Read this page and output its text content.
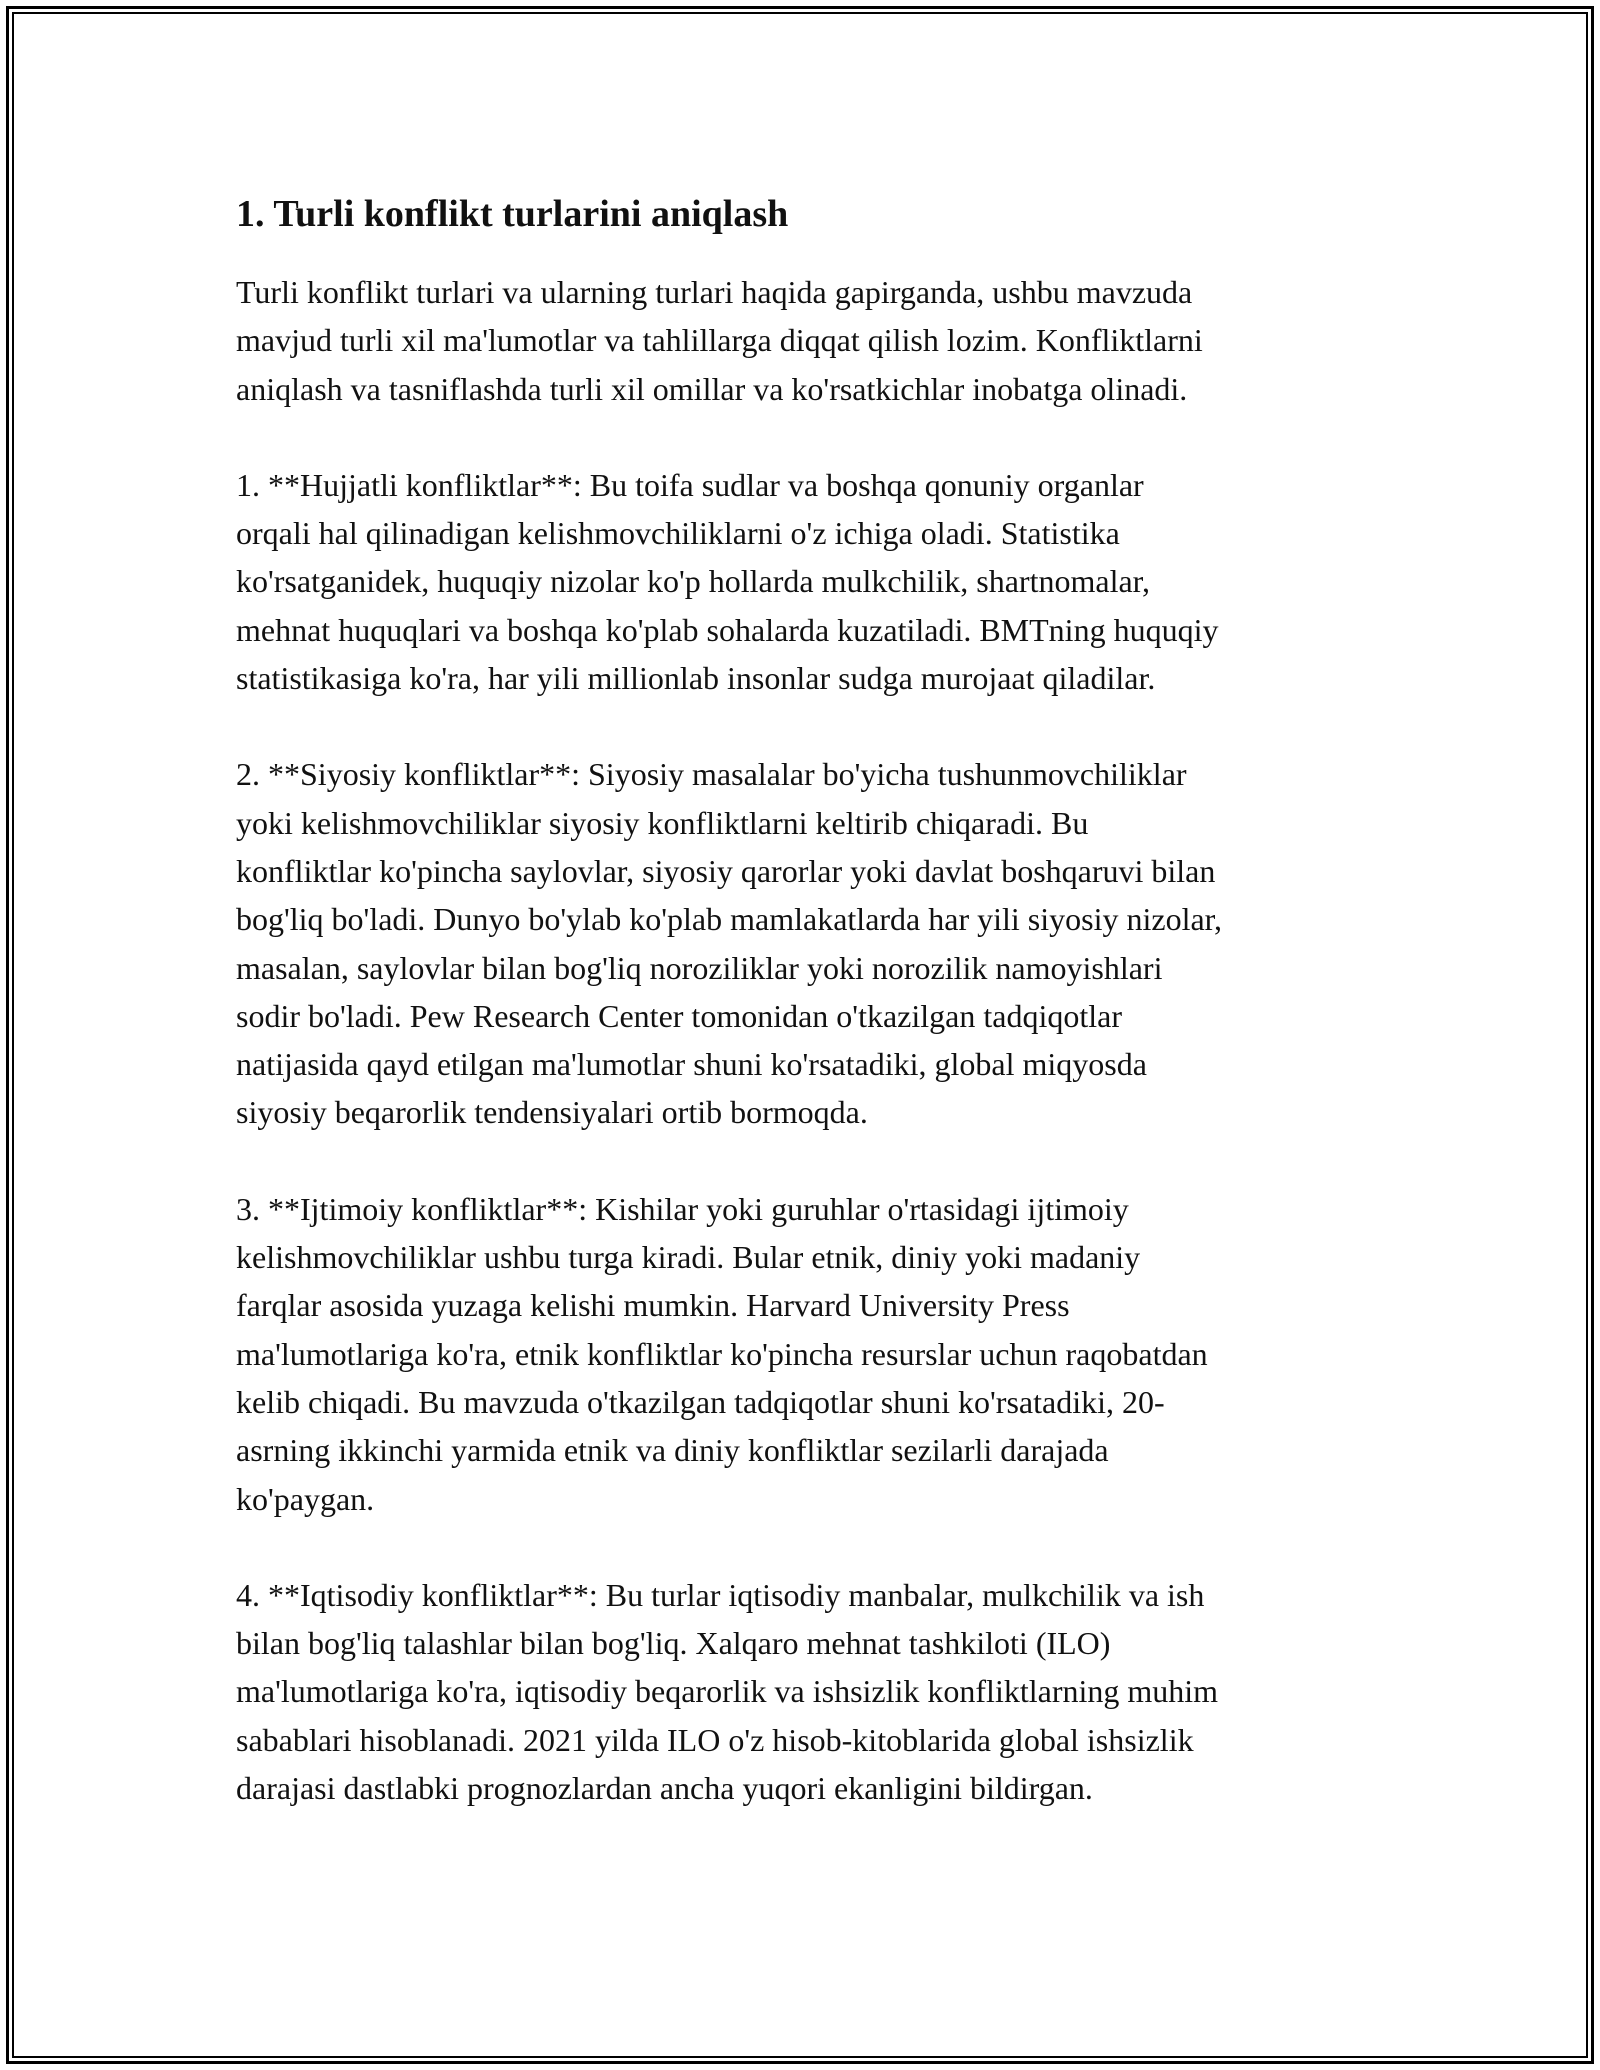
1. Turli konflikt turlarini aniqlash

Turli konflikt turlari va ularning turlari haqida gapirganda, ushbu mavzuda
mavjud turli xil ma'lumotlar va tahlillarga diqqat qilish lozim. Konfliktlarni
aniqlash va tasniflashda turli xil omillar va ko'rsatkichlar inobatga olinadi.

1. **Hujjatli konfliktlar**: Bu toifa sudlar va boshqa qonuniy organlar
orqali hal qilinadigan kelishmovchiliklarni o'z ichiga oladi. Statistika
ko'rsatganidek, huquqiy nizolar ko'p hollarda mulkchilik, shartnomalar,
mehnat huquqlari va boshqa ko'plab sohalarda kuzatiladi. BMTning huquqiy
statistikasiga ko'ra, har yili millionlab insonlar sudga murojaat qiladilar.

2. **Siyosiy konfliktlar**: Siyosiy masalalar bo'yicha tushunmovchiliklar
yoki kelishmovchiliklar siyosiy konfliktlarni keltirib chiqaradi. Bu
konfliktlar ko'pincha saylovlar, siyosiy qarorlar yoki davlat boshqaruvi bilan
bog'liq bo'ladi. Dunyo bo'ylab ko'plab mamlakatlarda har yili siyosiy nizolar,
masalan, saylovlar bilan bog'liq noroziliklar yoki norozilik namoyishlari
sodir bo'ladi. Pew Research Center tomonidan o'tkazilgan tadqiqotlar
natijasida qayd etilgan ma'lumotlar shuni ko'rsatadiki, global miqyosda
siyosiy beqarorlik tendensiyalari ortib bormoqda.

3. **Ijtimoiy konfliktlar**: Kishilar yoki guruhlar o'rtasidagi ijtimoiy
kelishmovchiliklar ushbu turga kiradi. Bular etnik, diniy yoki madaniy
farqlar asosida yuzaga kelishi mumkin. Harvard University Press
ma'lumotlariga ko'ra, etnik konfliktlar ko'pincha resurslar uchun raqobatdan
kelib chiqadi. Bu mavzuda o'tkazilgan tadqiqotlar shuni ko'rsatadiki, 20-
asrning ikkinchi yarmida etnik va diniy konfliktlar sezilarli darajada
ko'paygan.

4. **Iqtisodiy konfliktlar**: Bu turlar iqtisodiy manbalar, mulkchilik va ish
bilan bog'liq talashlar bilan bog'liq. Xalqaro mehnat tashkiloti (ILO)
ma'lumotlariga ko'ra, iqtisodiy beqarorlik va ishsizlik konfliktlarning muhim
sabablari hisoblanadi. 2021 yilda ILO o'z hisob-kitoblarida global ishsizlik
darajasi dastlabki prognozlardan ancha yuqori ekanligini bildirgan.
